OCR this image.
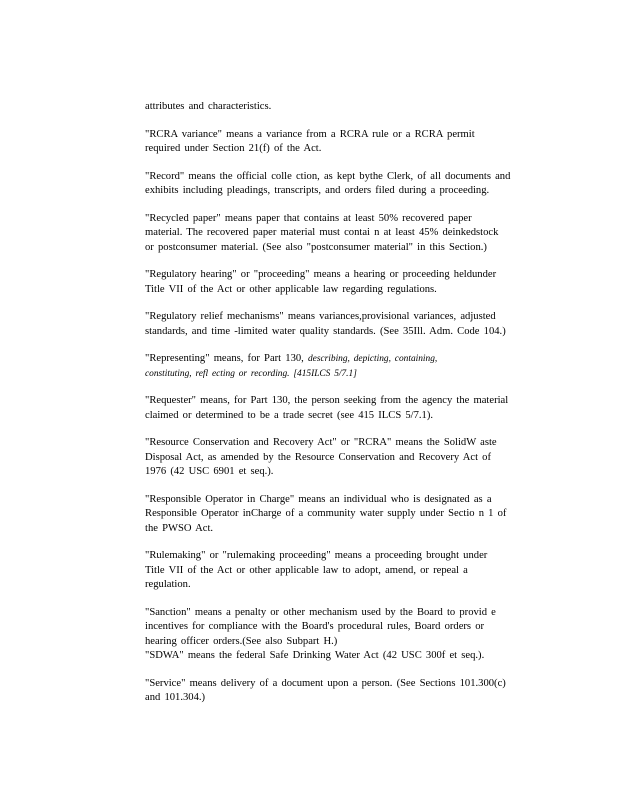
attributes and characteristics.
"RCRA variance" means a variance from a RCRA rule or a RCRA permit
required under Section 21(f) of the Act.
"Record" means the official colle ction, as kept bythe Clerk, of all documents and
exhibits including pleadings, transcripts, and orders filed during a proceeding.
"Recycled paper" means paper that contains at least 50% recovered paper
material. The recovered paper material must contai n at least 45% deinkedstock
or postconsumer material. (See also "postconsumer material" in this Section.)
"Regulatory hearing" or "proceeding" means a hearing or proceeding heldunder
Title VII of the Act or other applicable law regarding regulations.
"Regulatory relief mechanisms" means variances,provisional variances, adjusted
standards, and time -limited water quality standards. (See 35Ill. Adm. Code 104.)
"Representing" means, for Part 130, describing, depicting, containing,
constituting, refl ecting or recording. [415ILCS 5/7.1]
"Requester" means, for Part 130, the person seeking from the agency the material
claimed or determined to be a trade secret (see 415 ILCS 5/7.1).
"Resource Conservation and Recovery Act" or "RCRA" means the SolidW aste
Disposal Act, as amended by the Resource Conservation and Recovery Act of
1976 (42 USC 6901 et seq.).
"Responsible Operator in Charge" means an individual who is designated as a
Responsible Operator inCharge of a community water supply under Sectio n 1 of
the PWSO Act.
"Rulemaking" or "rulemaking proceeding" means a proceeding brought under
Title VII of the Act or other applicable law to adopt, amend, or repeal a
regulation.
"Sanction" means a penalty or other mechanism used by the Board to provid e
incentives for compliance with the Board's procedural rules, Board orders or
hearing officer orders.(See also Subpart H.)
"SDWA" means the federal Safe Drinking Water Act (42 USC 300f et seq.).
"Service" means delivery of a document upon a person. (See Sections 101.300(c)
and 101.304.)
